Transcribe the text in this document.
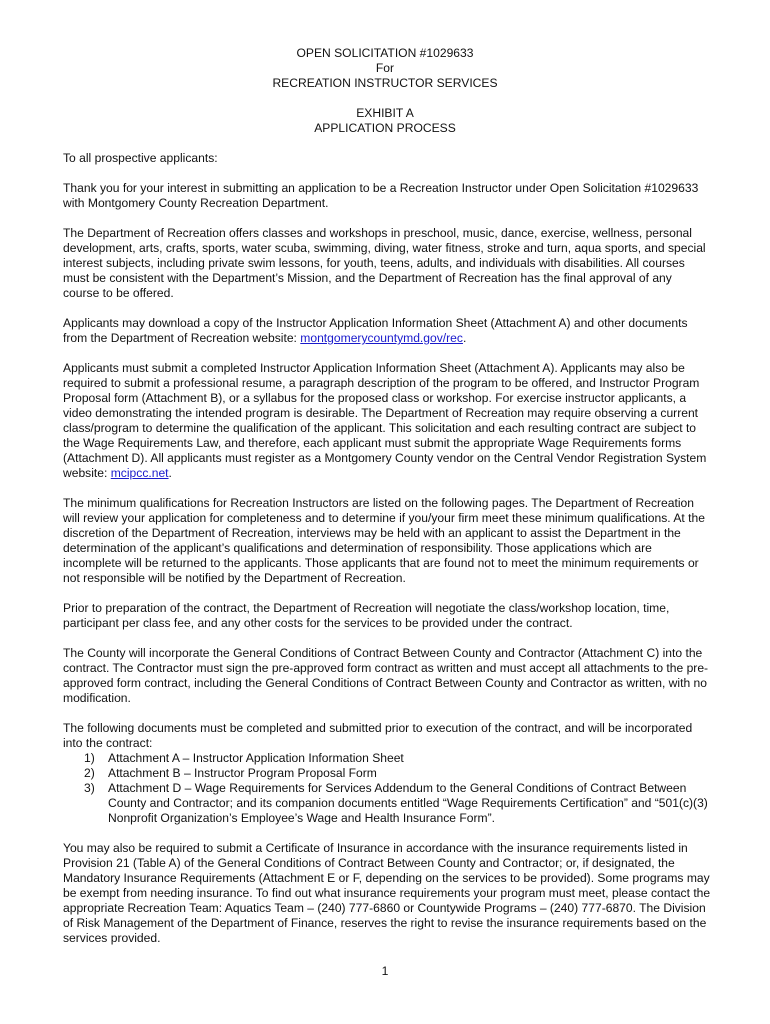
OPEN SOLICITATION #1029633
For
RECREATION INSTRUCTOR SERVICES
EXHIBIT A
APPLICATION PROCESS

To all prospective applicants:

Thank you for your interest in submitting an application to be a Recreation Instructor under Open Solicitation #1029633 with Montgomery County Recreation Department.

The Department of Recreation offers classes and workshops in preschool, music, dance, exercise, wellness, personal development, arts, crafts, sports, water scuba, swimming, diving, water fitness, stroke and turn, aqua sports, and special interest subjects, including private swim lessons, for youth, teens, adults, and individuals with disabilities. All courses must be consistent with the Department’s Mission, and the Department of Recreation has the final approval of any course to be offered.

Applicants may download a copy of the Instructor Application Information Sheet (Attachment A) and other documents from the Department of Recreation website: montgomerycountymd.gov/rec.

Applicants must submit a completed Instructor Application Information Sheet (Attachment A). Applicants may also be required to submit a professional resume, a paragraph description of the program to be offered, and Instructor Program Proposal form (Attachment B), or a syllabus for the proposed class or workshop. For exercise instructor applicants, a video demonstrating the intended program is desirable. The Department of Recreation may require observing a current class/program to determine the qualification of the applicant. This solicitation and each resulting contract are subject to the Wage Requirements Law, and therefore, each applicant must submit the appropriate Wage Requirements forms (Attachment D). All applicants must register as a Montgomery County vendor on the Central Vendor Registration System website: mcipcc.net.

The minimum qualifications for Recreation Instructors are listed on the following pages. The Department of Recreation will review your application for completeness and to determine if you/your firm meet these minimum qualifications. At the discretion of the Department of Recreation, interviews may be held with an applicant to assist the Department in the determination of the applicant’s qualifications and determination of responsibility. Those applications which are incomplete will be returned to the applicants. Those applicants that are found not to meet the minimum requirements or not responsible will be notified by the Department of Recreation.

Prior to preparation of the contract, the Department of Recreation will negotiate the class/workshop location, time, participant per class fee, and any other costs for the services to be provided under the contract.

The County will incorporate the General Conditions of Contract Between County and Contractor (Attachment C) into the contract. The Contractor must sign the pre-approved form contract as written and must accept all attachments to the pre-approved form contract, including the General Conditions of Contract Between County and Contractor as written, with no modification.

The following documents must be completed and submitted prior to execution of the contract, and will be incorporated into the contract:
1) Attachment A – Instructor Application Information Sheet
2) Attachment B – Instructor Program Proposal Form
3) Attachment D – Wage Requirements for Services Addendum to the General Conditions of Contract Between County and Contractor; and its companion documents entitled “Wage Requirements Certification” and “501(c)(3) Nonprofit Organization’s Employee’s Wage and Health Insurance Form”.

You may also be required to submit a Certificate of Insurance in accordance with the insurance requirements listed in Provision 21 (Table A) of the General Conditions of Contract Between County and Contractor; or, if designated, the Mandatory Insurance Requirements (Attachment E or F, depending on the services to be provided). Some programs may be exempt from needing insurance. To find out what insurance requirements your program must meet, please contact the appropriate Recreation Team: Aquatics Team – (240) 777-6860 or Countywide Programs – (240) 777-6870. The Division of Risk Management of the Department of Finance, reserves the right to revise the insurance requirements based on the services provided.

1
